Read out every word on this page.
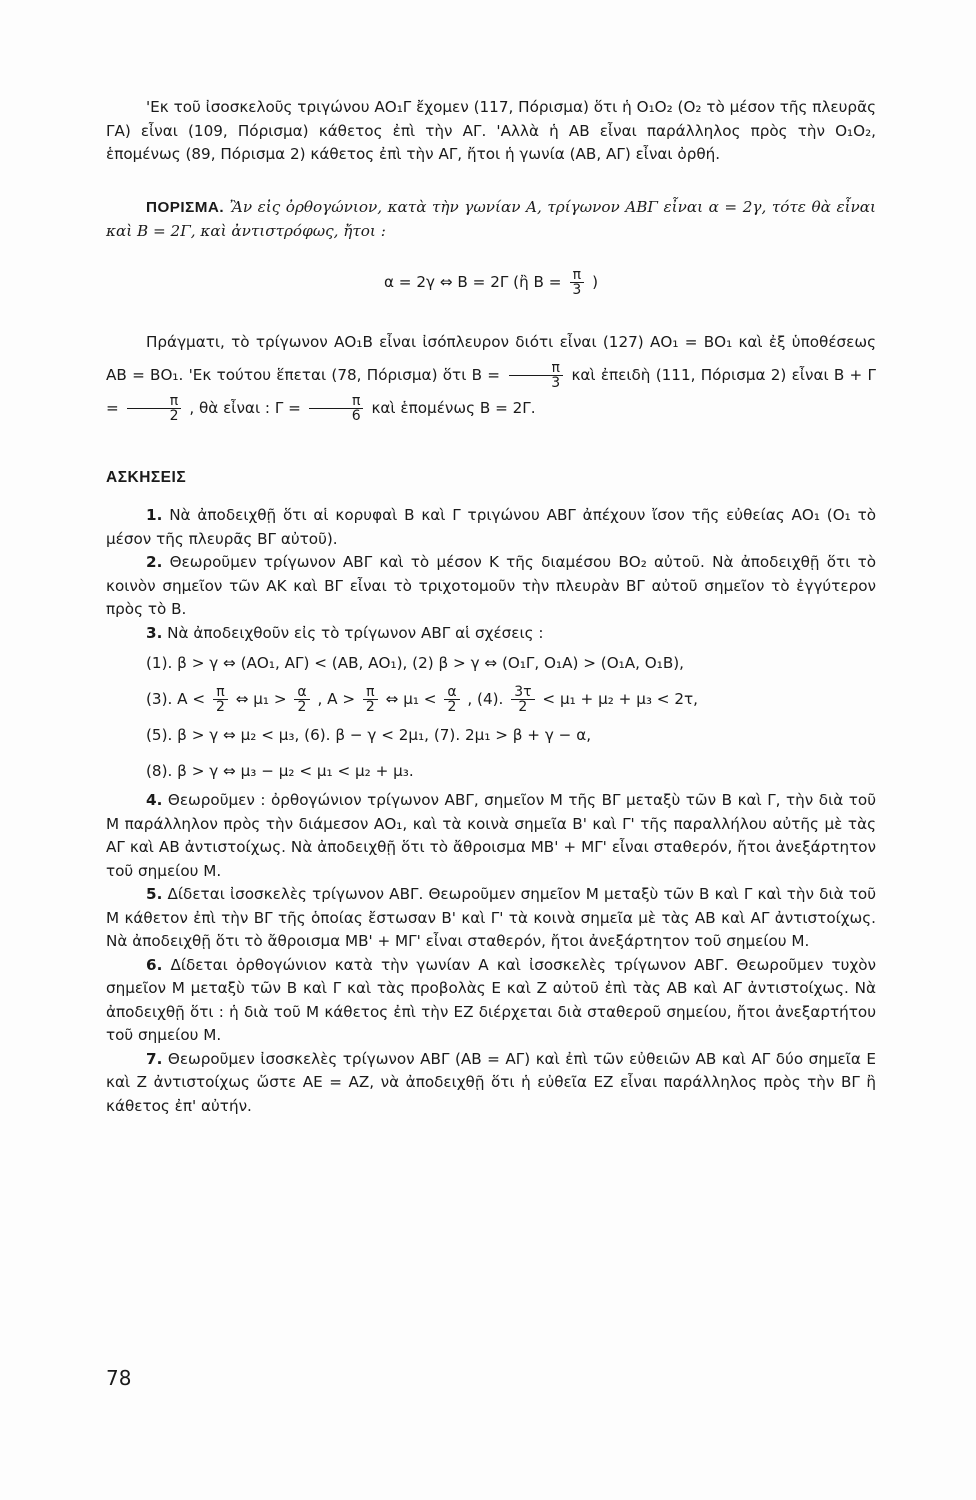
'Εκ τοῦ ἰσοσκελοῦς τριγώνου ΑΟ₁Γ ἔχομεν (117, Πόρισμα) ὅτι ἡ Ο₁Ο₂ (Ο₂ τὸ μέσον τῆς πλευρᾶς ΓΑ) εἶναι (109, Πόρισμα) κάθετος ἐπὶ τὴν ΑΓ. 'Αλλὰ ἡ ΑΒ εἶναι παράλληλος πρὸς τὴν Ο₁Ο₂, ἑπομένως (89, Πόρισμα 2) κάθετος ἐπὶ τὴν ΑΓ, ἤτοι ἡ γωνία (ΑΒ, ΑΓ) εἶναι ὀρθή.

ΠΟΡΙΣΜΑ. Ἂν εἰς ὀρθογώνιον, κατὰ τὴν γωνίαν Α, τρίγωνον ΑΒΓ εἶναι α = 2γ, τότε θὰ εἶναι καὶ Β = 2Γ, καὶ ἀντιστρόφως, ἤτοι :

α = 2γ ⇔ Β = 2Γ (ἢ $B = \frac{\pi}{3}$ )

Πράγματι, τὸ τρίγωνον ΑΟ₁Β εἶναι ἰσόπλευρον διότι εἶναι (127) ΑΟ₁ = ΒΟ₁ καὶ ἐξ ὑποθέσεως ΑΒ = ΒΟ₁. 'Εκ τούτου ἕπεται (78, Πόρισμα) ὅτι $B = \frac{\pi}{3}$ καὶ ἐπειδὴ (111, Πόρισμα 2) εἶναι $B + \Gamma = \frac{\pi}{2}$ , θὰ εἶναι : $\Gamma = \frac{\pi}{6}$ καὶ ἑπομένως Β = 2Γ.

ΑΣΚΗΣΕΙΣ

1. Νὰ ἀποδειχθῇ ὅτι αἱ κορυφαὶ Β καὶ Γ τριγώνου ΑΒΓ ἀπέχουν ἴσον τῆς εὐθείας ΑΟ₁ (Ο₁ τὸ μέσον τῆς πλευρᾶς ΒΓ αὐτοῦ).

2. Θεωροῦμεν τρίγωνον ΑΒΓ καὶ τὸ μέσον Κ τῆς διαμέσου ΒΟ₂ αὐτοῦ. Νὰ ἀποδειχθῇ ὅτι τὸ κοινὸν σημεῖον τῶν ΑΚ καὶ ΒΓ εἶναι τὸ τριχοτομοῦν τὴν πλευρὰν ΒΓ αὐτοῦ σημεῖον τὸ ἐγγύτερον πρὸς τὸ Β.

3. Νὰ ἀποδειχθοῦν εἰς τὸ τρίγωνον ΑΒΓ αἱ σχέσεις :

(1). β > γ ⇔ (ΑΟ₁, ΑΓ) < (ΑΒ, ΑΟ₁), (2) β > γ ⇔ (Ο₁Γ, Ο₁Α) > (Ο₁Α, Ο₁Β),
(3). $A < \frac{\pi}{2}$ ⇔ $\mu_1 > \frac{\alpha}{2}$ , $A > \frac{\pi}{2}$ ⇔ $\mu_1 < \frac{\alpha}{2}$ , (4). $\frac{3\tau}{2} < \mu_1 + \mu_2 + \mu_3 < 2\tau$,
(5). β > γ ⇔ μ₂ < μ₃, (6). β − γ < 2μ₁, (7). 2μ₁ > β + γ − α,
(8). β > γ ⇔ μ₃ − μ₂ < μ₁ < μ₂ + μ₃.

4. Θεωροῦμεν : ὀρθογώνιον τρίγωνον ΑΒΓ, σημεῖον Μ τῆς ΒΓ μεταξὺ τῶν Β καὶ Γ, τὴν διὰ τοῦ Μ παράλληλον πρὸς τὴν διάμεσον ΑΟ₁, καὶ τὰ κοινὰ σημεῖα Β' καὶ Γ' τῆς παραλλήλου αὐτῆς μὲ τὰς ΑΓ καὶ ΑΒ ἀντιστοίχως. Νὰ ἀποδειχθῇ ὅτι τὸ ἄθροισμα ΜΒ' + ΜΓ' εἶναι σταθερόν, ἤτοι ἀνεξάρτητον τοῦ σημείου Μ.

5. Δίδεται ἰσοσκελὲς τρίγωνον ΑΒΓ. Θεωροῦμεν σημεῖον Μ μεταξὺ τῶν Β καὶ Γ καὶ τὴν διὰ τοῦ Μ κάθετον ἐπὶ τὴν ΒΓ τῆς ὁποίας ἔστωσαν Β' καὶ Γ' τὰ κοινὰ σημεῖα μὲ τὰς ΑΒ καὶ ΑΓ ἀντιστοίχως. Νὰ ἀποδειχθῇ ὅτι τὸ ἄθροισμα ΜΒ' + ΜΓ' εἶναι σταθερόν, ἤτοι ἀνεξάρτητον τοῦ σημείου Μ.

6. Δίδεται ὀρθογώνιον κατὰ τὴν γωνίαν Α καὶ ἰσοσκελὲς τρίγωνον ΑΒΓ. Θεωροῦμεν τυχὸν σημεῖον Μ μεταξὺ τῶν Β καὶ Γ καὶ τὰς προβολὰς Ε καὶ Ζ αὐτοῦ ἐπὶ τὰς ΑΒ καὶ ΑΓ ἀντιστοίχως. Νὰ ἀποδειχθῇ ὅτι : ἡ διὰ τοῦ Μ κάθετος ἐπὶ τὴν ΕΖ διέρχεται διὰ σταθεροῦ σημείου, ἤτοι ἀνεξαρτήτου τοῦ σημείου Μ.

7. Θεωροῦμεν ἰσοσκελὲς τρίγωνον ΑΒΓ (ΑΒ = ΑΓ) καὶ ἐπὶ τῶν εὐθειῶν ΑΒ καὶ ΑΓ δύο σημεῖα Ε καὶ Ζ ἀντιστοίχως ὥστε ΑΕ = ΑΖ, νὰ ἀποδειχθῇ ὅτι ἡ εὐθεῖα ΕΖ εἶναι παράλληλος πρὸς τὴν ΒΓ ἢ κάθετος ἐπ' αὐτήν.

78
